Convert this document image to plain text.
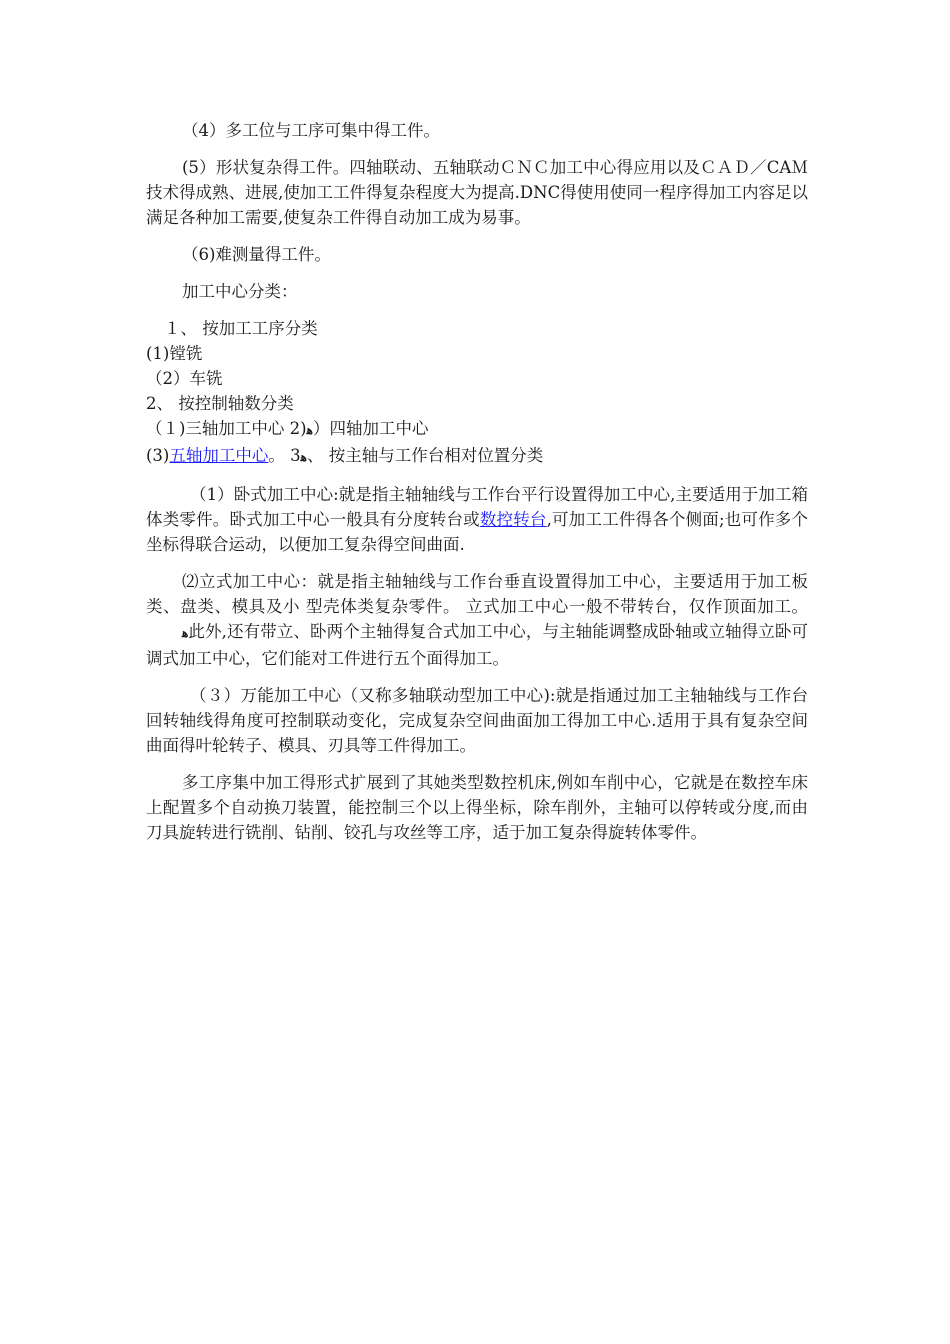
（4）多工位与工序可集中得工件。

(5）形状复杂得工件。四轴联动、五轴联动ＣＮＣ加工中心得应用以及ＣＡＤ／CAＭ技术得成熟、进展,使加工工件得复杂程度大为提高.DNC得使用使同一程序得加工内容足以满足各种加工需要,使复杂工件得自动加工成为易事。

（6)难测量得工件。

加工中心分类：

１、 按加工工序分类

(1)镗铣

（2）车铣

2、 按控制轴数分类

（１)三轴加工中心 2)ﻫ）四轴加工中心

(3)五轴加工中心。 3ﻫ、 按主轴与工作台相对位置分类

（1）卧式加工中心:就是指主轴轴线与工作台平行设置得加工中心,主要适用于加工箱体类零件。卧式加工中心一般具有分度转台或数控转台,可加工工件得各个侧面;也可作多个坐标得联合运动，以便加工复杂得空间曲面.

⑵立式加工中心：就是指主轴轴线与工作台垂直设置得加工中心，主要适用于加工板类、盘类、模具及小 型壳体类复杂零件。 立式加工中心一般不带转台，仅作顶面加工。 ﻫ此外,还有带立、卧两个主轴得复合式加工中心，与主轴能调整成卧轴或立轴得立卧可调式加工中心，它们能对工件进行五个面得加工。

（３）万能加工中心（又称多轴联动型加工中心):就是指通过加工主轴轴线与工作台回转轴线得角度可控制联动变化，完成复杂空间曲面加工得加工中心.适用于具有复杂空间曲面得叶轮转子、模具、刃具等工件得加工。

多工序集中加工得形式扩展到了其她类型数控机床,例如车削中心，它就是在数控车床上配置多个自动换刀装置，能控制三个以上得坐标，除车削外，主轴可以停转或分度,而由刀具旋转进行铣削、钻削、铰孔与攻丝等工序，适于加工复杂得旋转体零件。
